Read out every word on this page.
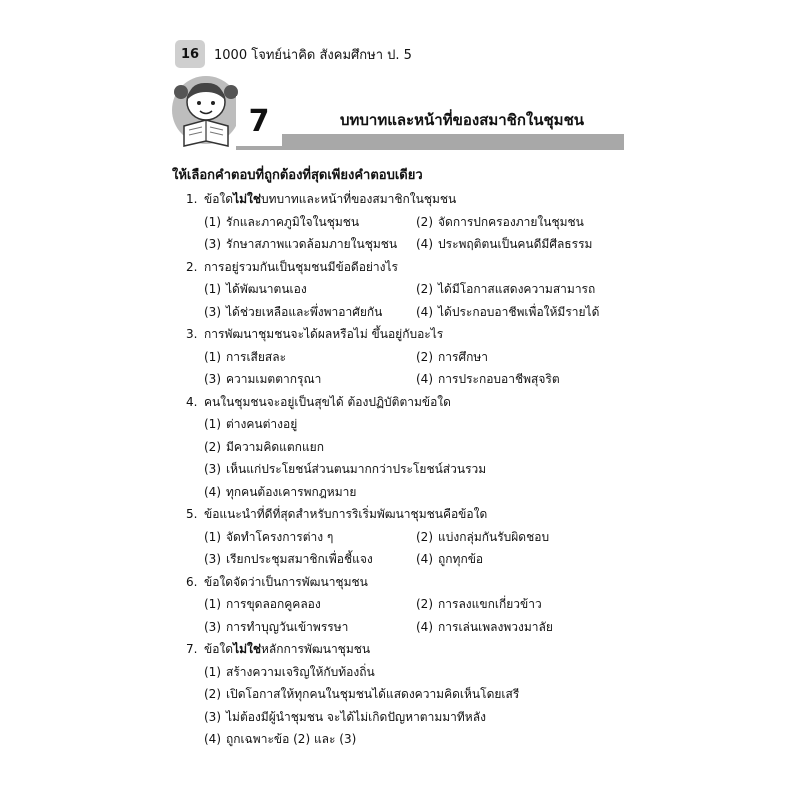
16	1000 โจทย์น่าคิด สังคมศึกษา ป. 5
7	บทบาทและหน้าที่ของสมาชิกในชุมชน
ให้เลือกคำตอบที่ถูกต้องที่สุดเพียงคำตอบเดียว
1. ข้อใดไม่ใช่บทบาทและหน้าที่ของสมาชิกในชุมชน
(1) รักและภาคภูมิใจในชุมชน	(2) จัดการปกครองภายในชุมชน
(3) รักษาสภาพแวดล้อมภายในชุมชน	(4) ประพฤติตนเป็นคนดีมีศีลธรรม
2. การอยู่รวมกันเป็นชุมชนมีข้อดีอย่างไร
(1) ได้พัฒนาตนเอง	(2) ได้มีโอกาสแสดงความสามารถ
(3) ได้ช่วยเหลือและพึ่งพาอาศัยกัน	(4) ได้ประกอบอาชีพเพื่อให้มีรายได้
3. การพัฒนาชุมชนจะได้ผลหรือไม่ ขึ้นอยู่กับอะไร
(1) การเสียสละ	(2) การศึกษา
(3) ความเมตตากรุณา	(4) การประกอบอาชีพสุจริต
4. คนในชุมชนจะอยู่เป็นสุขได้ ต้องปฏิบัติตามข้อใด
(1) ต่างคนต่างอยู่
(2) มีความคิดแตกแยก
(3) เห็นแก่ประโยชน์ส่วนตนมากกว่าประโยชน์ส่วนรวม
(4) ทุกคนต้องเคารพกฎหมาย
5. ข้อแนะนำที่ดีที่สุดสำหรับการริเริ่มพัฒนาชุมชนคือข้อใด
(1) จัดทำโครงการต่าง ๆ	(2) แบ่งกลุ่มกันรับผิดชอบ
(3) เรียกประชุมสมาชิกเพื่อชี้แจง	(4) ถูกทุกข้อ
6. ข้อใดจัดว่าเป็นการพัฒนาชุมชน
(1) การขุดลอกคูคลอง	(2) การลงแขกเกี่ยวข้าว
(3) การทำบุญวันเข้าพรรษา	(4) การเล่นเพลงพวงมาลัย
7. ข้อใดไม่ใช่หลักการพัฒนาชุมชน
(1) สร้างความเจริญให้กับท้องถิ่น
(2) เปิดโอกาสให้ทุกคนในชุมชนได้แสดงความคิดเห็นโดยเสรี
(3) ไม่ต้องมีผู้นำชุมชน จะได้ไม่เกิดปัญหาตามมาทีหลัง
(4) ถูกเฉพาะข้อ (2) และ (3)
